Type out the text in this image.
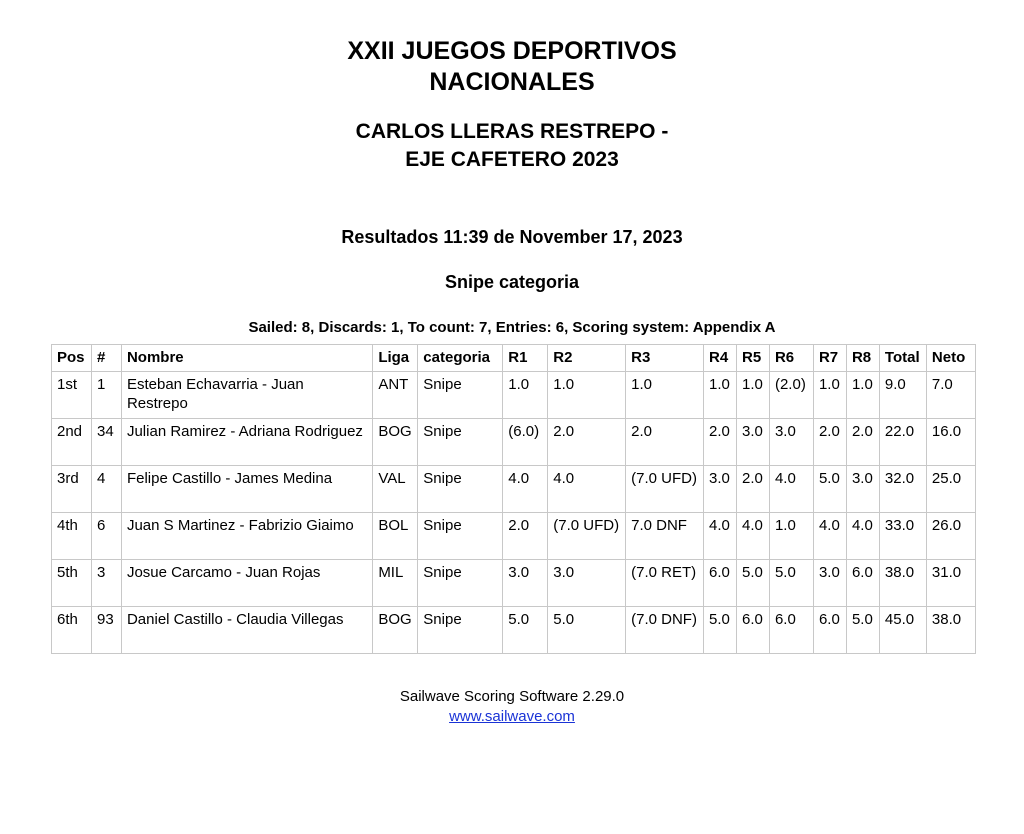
XXII JUEGOS DEPORTIVOS
NACIONALES
CARLOS LLERAS RESTREPO -
EJE CAFETERO 2023
Resultados 11:39 de November 17, 2023
Snipe categoria
Sailed: 8, Discards: 1, To count: 7, Entries: 6, Scoring system: Appendix A
Pos	#	Nombre	Liga	categoria	R1	R2	R3	R4	R5	R6	R7	R8	Total	Neto
1st	1	Esteban Echavarria - Juan Restrepo	ANT	Snipe	1.0	1.0	1.0	1.0	1.0	(2.0)	1.0	1.0	9.0	7.0
2nd	34	Julian Ramirez - Adriana Rodriguez	BOG	Snipe	(6.0)	2.0	2.0	2.0	3.0	3.0	2.0	2.0	22.0	16.0
3rd	4	Felipe Castillo - James Medina	VAL	Snipe	4.0	4.0	(7.0 UFD)	3.0	2.0	4.0	5.0	3.0	32.0	25.0
4th	6	Juan S Martinez - Fabrizio Giaimo	BOL	Snipe	2.0	(7.0 UFD)	7.0 DNF	4.0	4.0	1.0	4.0	4.0	33.0	26.0
5th	3	Josue Carcamo - Juan Rojas	MIL	Snipe	3.0	3.0	(7.0 RET)	6.0	5.0	5.0	3.0	6.0	38.0	31.0
6th	93	Daniel Castillo - Claudia Villegas	BOG	Snipe	5.0	5.0	(7.0 DNF)	5.0	6.0	6.0	6.0	5.0	45.0	38.0
Sailwave Scoring Software 2.29.0
www.sailwave.com
